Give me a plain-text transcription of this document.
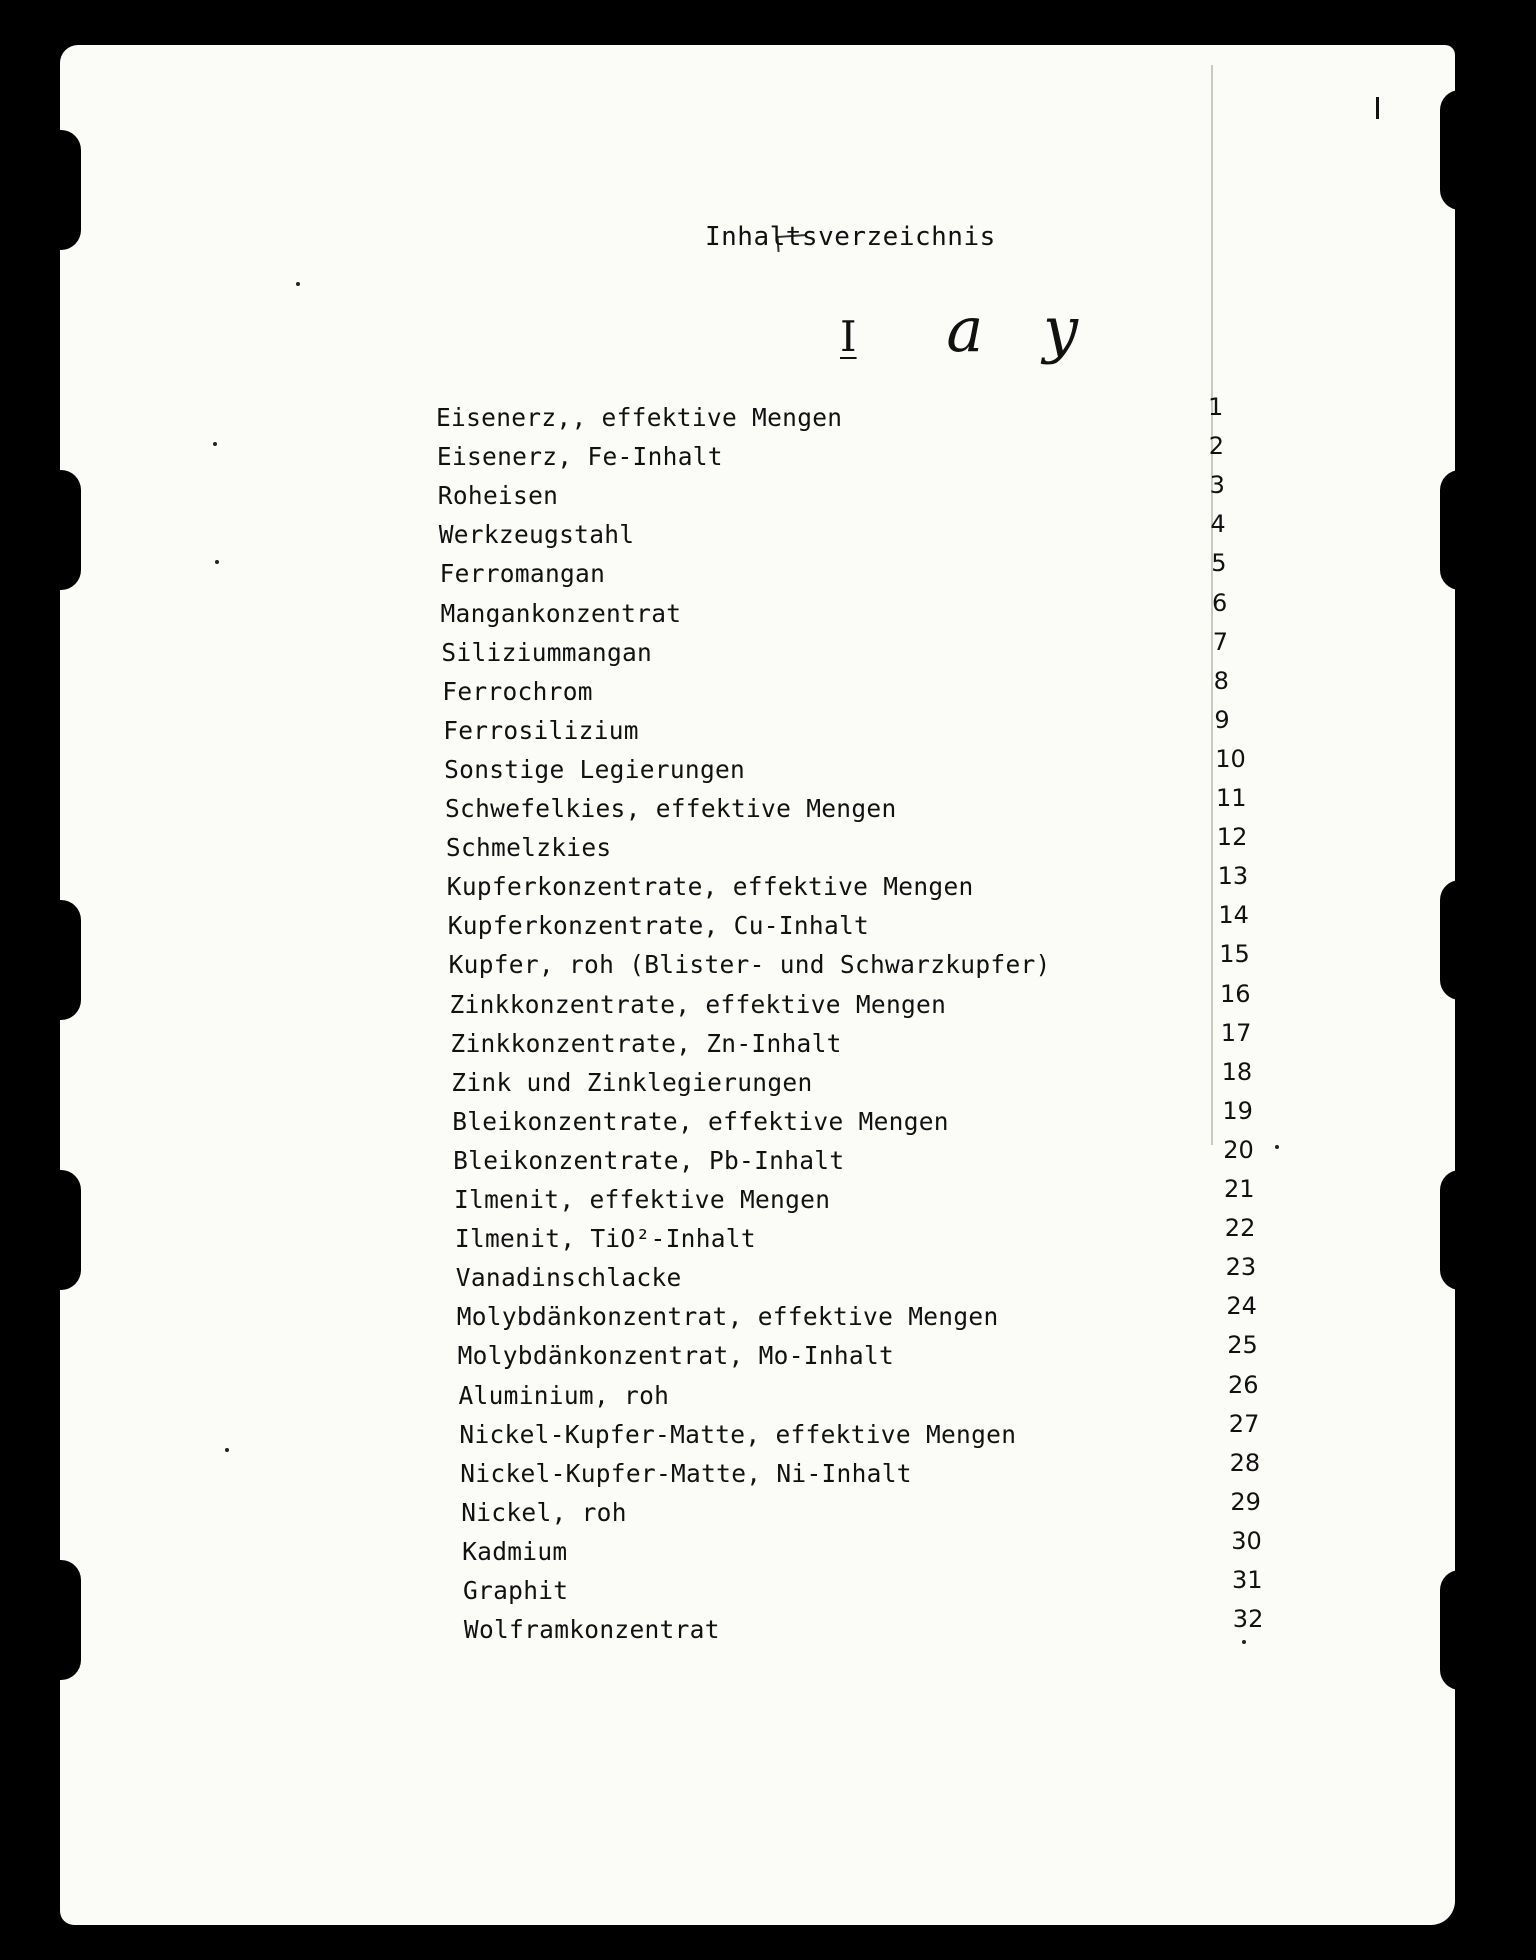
Inhaltsverzeichnis
I a y
Eisenerz,, effektive Mengen	1
Eisenerz, Fe-Inhalt	2
Roheisen	3
Werkzeugstahl	4
Ferromangan	5
Mangankonzentrat	6
Siliziummangan	7
Ferrochrom	8
Ferrosilizium	9
Sonstige Legierungen	10
Schwefelkies, effektive Mengen	11
Schmelzkies	12
Kupferkonzentrate, effektive Mengen	13
Kupferkonzentrate, Cu-Inhalt	14
Kupfer, roh (Blister- und Schwarzkupfer)	15
Zinkkonzentrate, effektive Mengen	16
Zinkkonzentrate, Zn-Inhalt	17
Zink und Zinklegierungen	18
Bleikonzentrate, effektive Mengen	19
Bleikonzentrate, Pb-Inhalt	20
Ilmenit, effektive Mengen	21
Ilmenit, TiO²-Inhalt	22
Vanadinschlacke	23
Molybdänkonzentrat, effektive Mengen	24
Molybdänkonzentrat, Mo-Inhalt	25
Aluminium, roh	26
Nickel-Kupfer-Matte, effektive Mengen	27
Nickel-Kupfer-Matte, Ni-Inhalt	28
Nickel, roh	29
Kadmium	30
Graphit	31
Wolframkonzentrat	32
